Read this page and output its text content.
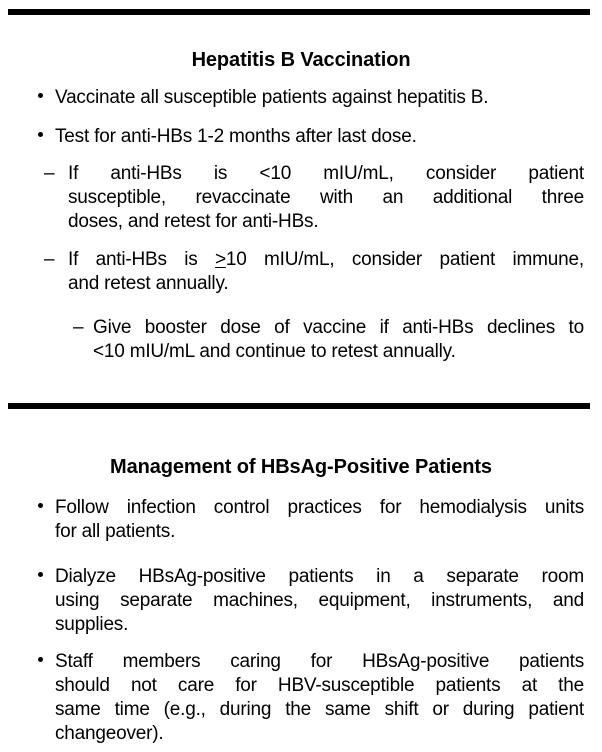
Hepatitis B Vaccination
Vaccinate all susceptible patients against hepatitis B.
Test for anti-HBs 1-2 months after last dose.
– If anti-HBs is <10 mIU/mL, consider patient
susceptible, revaccinate with an additional three
doses, and retest for anti-HBs.
– If anti-HBs is ≥10 mIU/mL, consider patient immune,
and retest annually.
– Give booster dose of vaccine if anti-HBs declines to
<10 mIU/mL and continue to retest annually.
Management of HBsAg-Positive Patients
Follow infection control practices for hemodialysis units
for all patients.
Dialyze HBsAg-positive patients in a separate room
using separate machines, equipment, instruments, and
supplies.
Staff members caring for HBsAg-positive patients
should not care for HBV-susceptible patients at the
same time (e.g., during the same shift or during patient
changeover).
